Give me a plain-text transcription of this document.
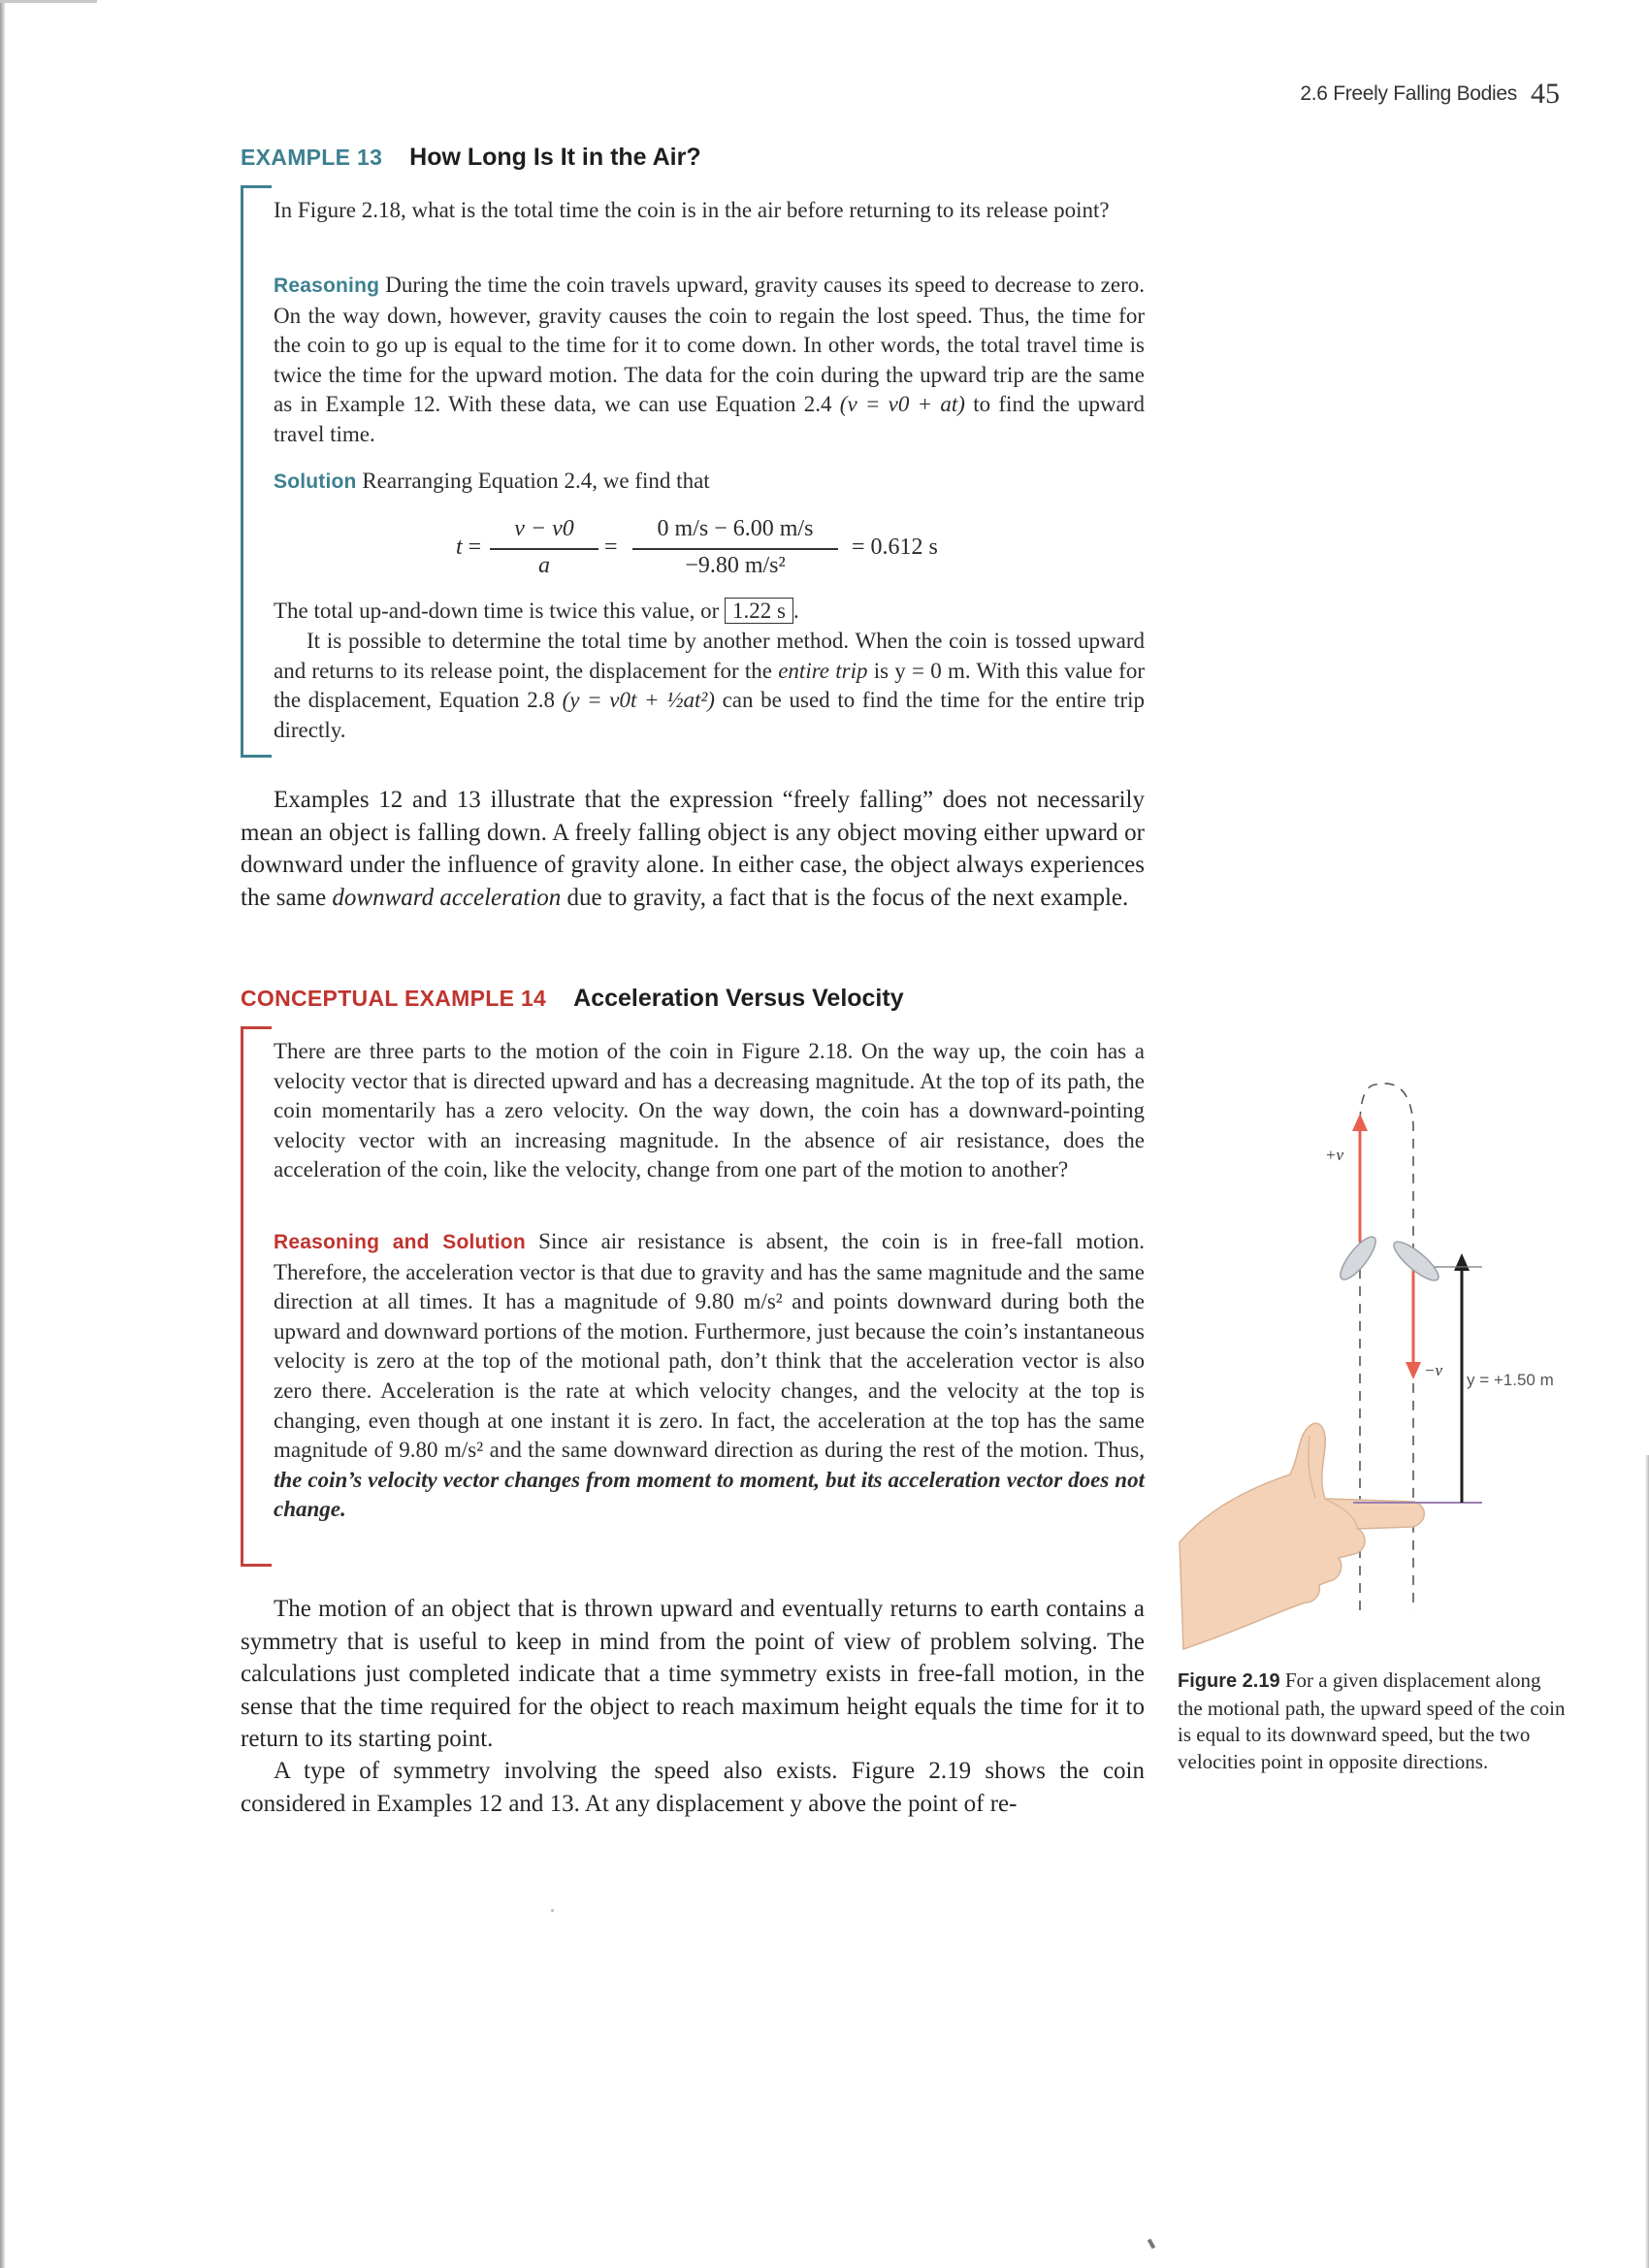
2.6 Freely Falling Bodies 45
EXAMPLE 13 How Long Is It in the Air?
In Figure 2.18, what is the total time the coin is in the air before returning to its release point?
Reasoning During the time the coin travels upward, gravity causes its speed to decrease to zero. On the way down, however, gravity causes the coin to regain the lost speed. Thus, the time for the coin to go up is equal to the time for it to come down. In other words, the total travel time is twice the time for the upward motion. The data for the coin during the upward trip are the same as in Example 12. With these data, we can use Equation 2.4 (v = v0 + at) to find the upward travel time.
Solution Rearranging Equation 2.4, we find that
t =
v − v0
a
=
0 m/s − 6.00 m/s
−9.80 m/s²
= 0.612 s
The total up-and-down time is twice this value, or 1.22 s .
It is possible to determine the total time by another method. When the coin is tossed upward and returns to its release point, the displacement for the entire trip is y = 0 m. With this value for the displacement, Equation 2.8 (y = v0t + ½at²) can be used to find the time for the entire trip directly.
Examples 12 and 13 illustrate that the expression “freely falling” does not necessarily mean an object is falling down. A freely falling object is any object moving either upward or downward under the influence of gravity alone. In either case, the object always experiences the same downward acceleration due to gravity, a fact that is the focus of the next example.
CONCEPTUAL EXAMPLE 14 Acceleration Versus Velocity
There are three parts to the motion of the coin in Figure 2.18. On the way up, the coin has a velocity vector that is directed upward and has a decreasing magnitude. At the top of its path, the coin momentarily has a zero velocity. On the way down, the coin has a downward-pointing velocity vector with an increasing magnitude. In the absence of air resistance, does the acceleration of the coin, like the velocity, change from one part of the motion to another?
Reasoning and Solution Since air resistance is absent, the coin is in free-fall motion. Therefore, the acceleration vector is that due to gravity and has the same magnitude and the same direction at all times. It has a magnitude of 9.80 m/s² and points downward during both the upward and downward portions of the motion. Furthermore, just because the coin’s instantaneous velocity is zero at the top of the motional path, don’t think that the acceleration vector is also zero there. Acceleration is the rate at which velocity changes, and the velocity at the top is changing, even though at one instant it is zero. In fact, the acceleration at the top has the same magnitude of 9.80 m/s² and the same downward direction as during the rest of the motion. Thus, the coin’s velocity vector changes from moment to moment, but its acceleration vector does not change.
The motion of an object that is thrown upward and eventually returns to earth contains a symmetry that is useful to keep in mind from the point of view of problem solving. The calculations just completed indicate that a time symmetry exists in free-fall motion, in the sense that the time required for the object to reach maximum height equals the time for it to return to its starting point.
A type of symmetry involving the speed also exists. Figure 2.19 shows the coin considered in Examples 12 and 13. At any displacement y above the point of re-
+v
−v
y = +1.50 m
Figure 2.19 For a given displacement along the motional path, the upward speed of the coin is equal to its downward speed, but the two velocities point in opposite directions.
